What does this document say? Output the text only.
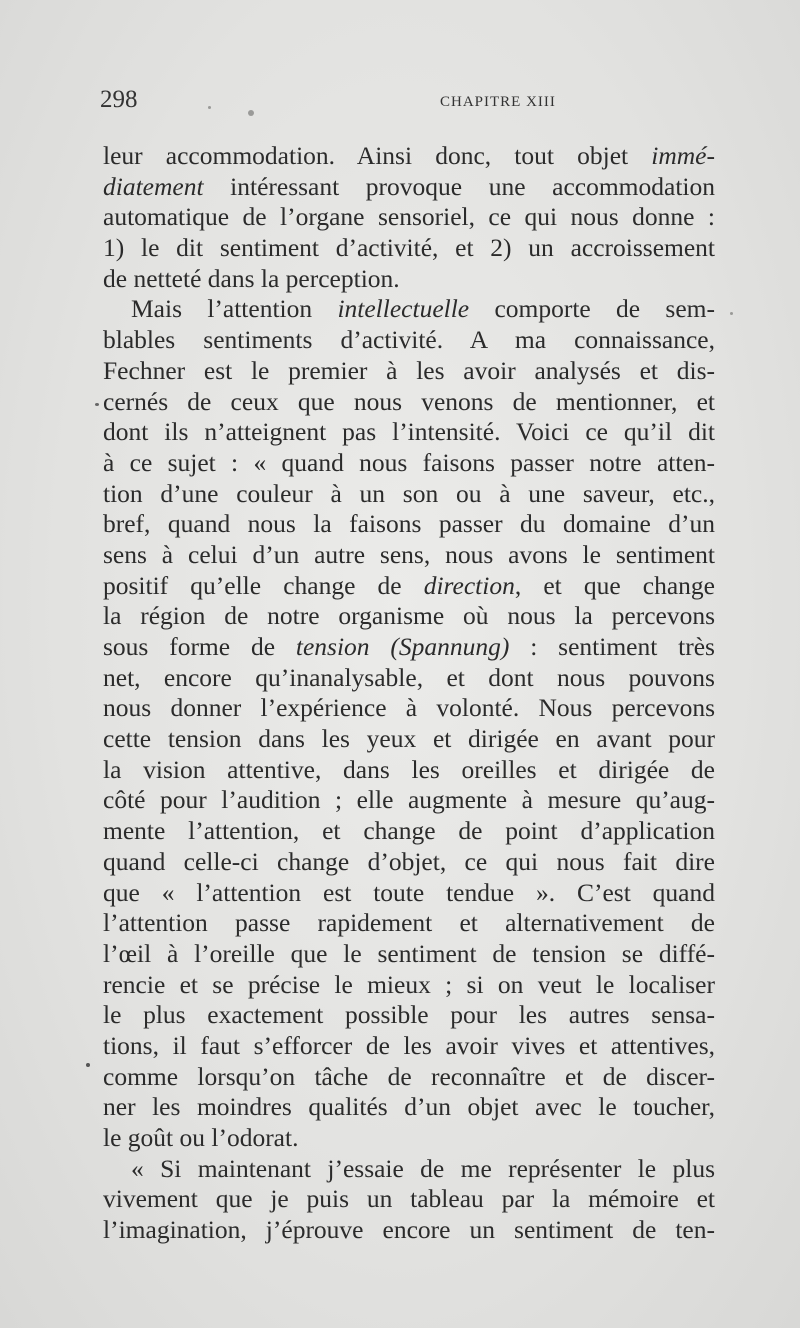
298	CHAPITRE XIII
leur accommodation. Ainsi donc, tout objet immé-
diatement intéressant provoque une accommodation
automatique de l’organe sensoriel, ce qui nous donne :
1) le dit sentiment d’activité, et 2) un accroissement
de netteté dans la perception.
Mais l’attention intellectuelle comporte de sem-
blables sentiments d’activité. A ma connaissance,
Fechner est le premier à les avoir analysés et dis-
cernés de ceux que nous venons de mentionner, et
dont ils n’atteignent pas l’intensité. Voici ce qu’il dit
à ce sujet : « quand nous faisons passer notre atten-
tion d’une couleur à un son ou à une saveur, etc.,
bref, quand nous la faisons passer du domaine d’un
sens à celui d’un autre sens, nous avons le sentiment
positif qu’elle change de direction, et que change
la région de notre organisme où nous la percevons
sous forme de tension (Spannung) : sentiment très
net, encore qu’inanalysable, et dont nous pouvons
nous donner l’expérience à volonté. Nous percevons
cette tension dans les yeux et dirigée en avant pour
la vision attentive, dans les oreilles et dirigée de
côté pour l’audition ; elle augmente à mesure qu’aug-
mente l’attention, et change de point d’application
quand celle-ci change d’objet, ce qui nous fait dire
que « l’attention est toute tendue ». C’est quand
l’attention passe rapidement et alternativement de
l’œil à l’oreille que le sentiment de tension se diffé-
rencie et se précise le mieux ; si on veut le localiser
le plus exactement possible pour les autres sensa-
tions, il faut s’efforcer de les avoir vives et attentives,
comme lorsqu’on tâche de reconnaître et de discer-
ner les moindres qualités d’un objet avec le toucher,
le goût ou l’odorat.
« Si maintenant j’essaie de me représenter le plus
vivement que je puis un tableau par la mémoire et
l’imagination, j’éprouve encore un sentiment de ten-
